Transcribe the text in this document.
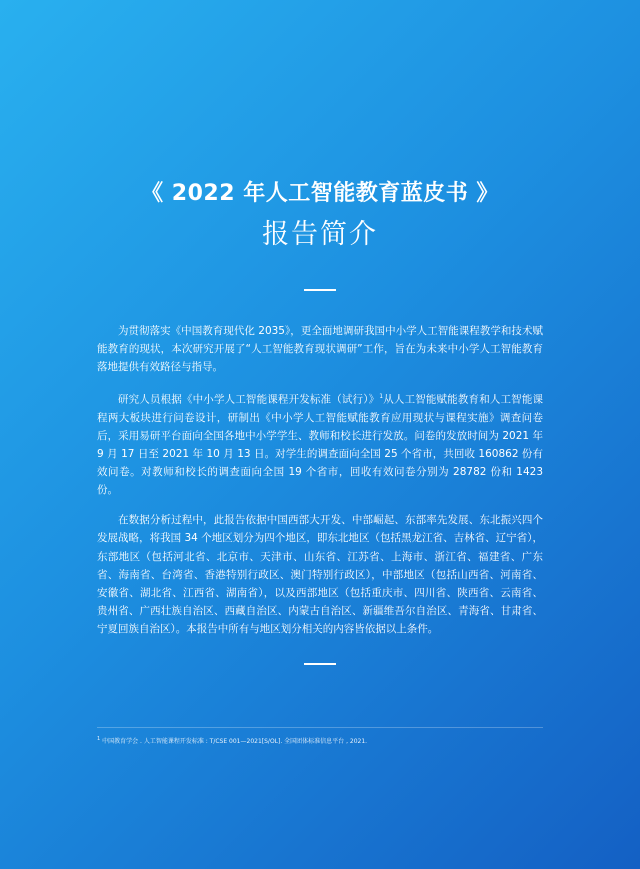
《 2022 年人工智能教育蓝皮书 》
报告简介

为贯彻落实《中国教育现代化 2035》，更全面地调研我国中小学人工智能课程教学和技术赋能教育的现状，本次研究开展了“人工智能教育现状调研”工作，旨在为未来中小学人工智能教育落地提供有效路径与指导。

研究人员根据《中小学人工智能课程开发标准（试行）》$^1$从人工智能赋能教育和人工智能课程两大板块进行问卷设计，研制出《中小学人工智能赋能教育应用现状与课程实施》调查问卷后，采用易研平台面向全国各地中小学学生、教师和校长进行发放。问卷的发放时间为 2021 年 9 月 17 日至 2021 年 10 月 13 日。对学生的调查面向全国 25 个省市，共回收 160862 份有效问卷。对教师和校长的调查面向全国 19 个省市，回收有效问卷分别为 28782 份和 1423 份。

在数据分析过程中，此报告依据中国西部大开发、中部崛起、东部率先发展、东北振兴四个发展战略，将我国 34 个地区划分为四个地区，即东北地区（包括黑龙江省、吉林省、辽宁省），东部地区（包括河北省、北京市、天津市、山东省、江苏省、上海市、浙江省、福建省、广东省、海南省、台湾省、香港特别行政区、澳门特别行政区），中部地区（包括山西省、河南省、安徽省、湖北省、江西省、湖南省），以及西部地区（包括重庆市、四川省、陕西省、云南省、贵州省、广西壮族自治区、西藏自治区、内蒙古自治区、新疆维吾尔自治区、青海省、甘肃省、宁夏回族自治区）。本报告中所有与地区划分相关的内容皆依据以上条件。

$^1$ 中国教育学会 . 人工智能课程开发标准 : T/CSE 001—2021[S/OL]. 全国团体标准信息平台 , 2021.
